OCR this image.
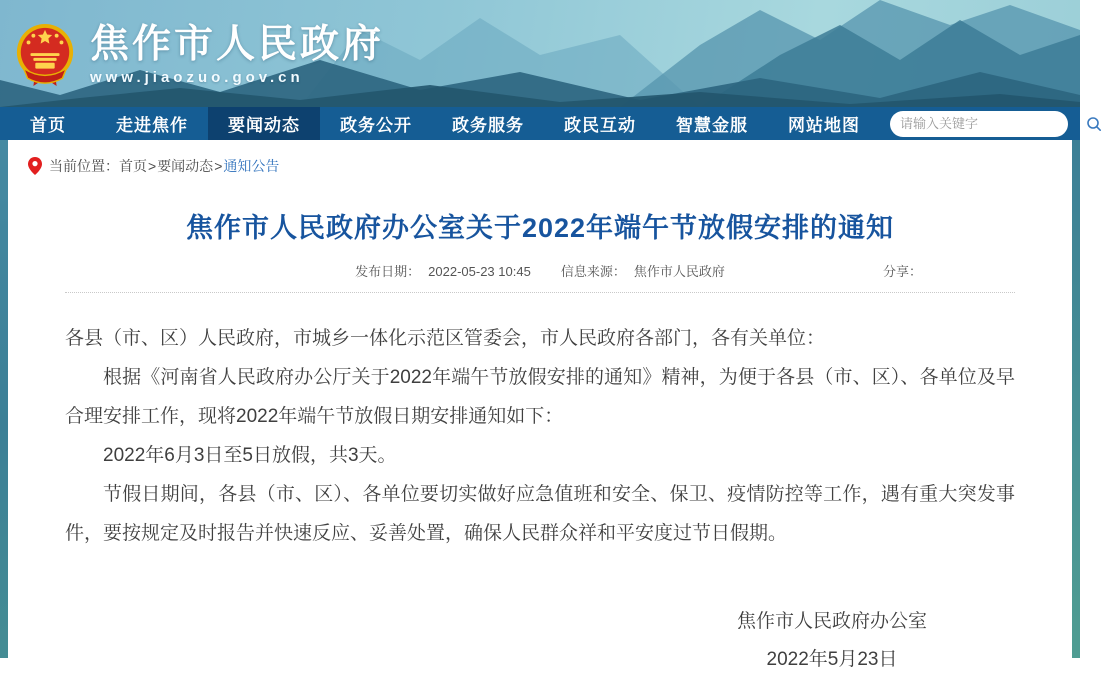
焦作市人民政府
www.jiaozuo.gov.cn
首页	走进焦作	要闻动态	政务公开	政务服务	政民互动	智慧金服	网站地图
请输入关键字
当前位置： 首页 > 要闻动态 > 通知公告
焦作市人民政府办公室关于2022年端午节放假安排的通知
发布日期： 2022-05-23 10:45 信息来源： 焦作市人民政府	分享：

各县（市、区）人民政府，市城乡一体化示范区管委会，市人民政府各部门，各有关单位：

根据《河南省人民政府办公厅关于2022年端午节放假安排的通知》精神，为便于各县（市、区）、各单位及早合理安排工作，现将2022年端午节放假日期安排通知如下：

2022年6月3日至5日放假，共3天。

节假日期间，各县（市、区）、各单位要切实做好应急值班和安全、保卫、疫情防控等工作，遇有重大突发事件，要按规定及时报告并快速反应、妥善处置，确保人民群众祥和平安度过节日假期。

焦作市人民政府办公室
2022年5月23日
